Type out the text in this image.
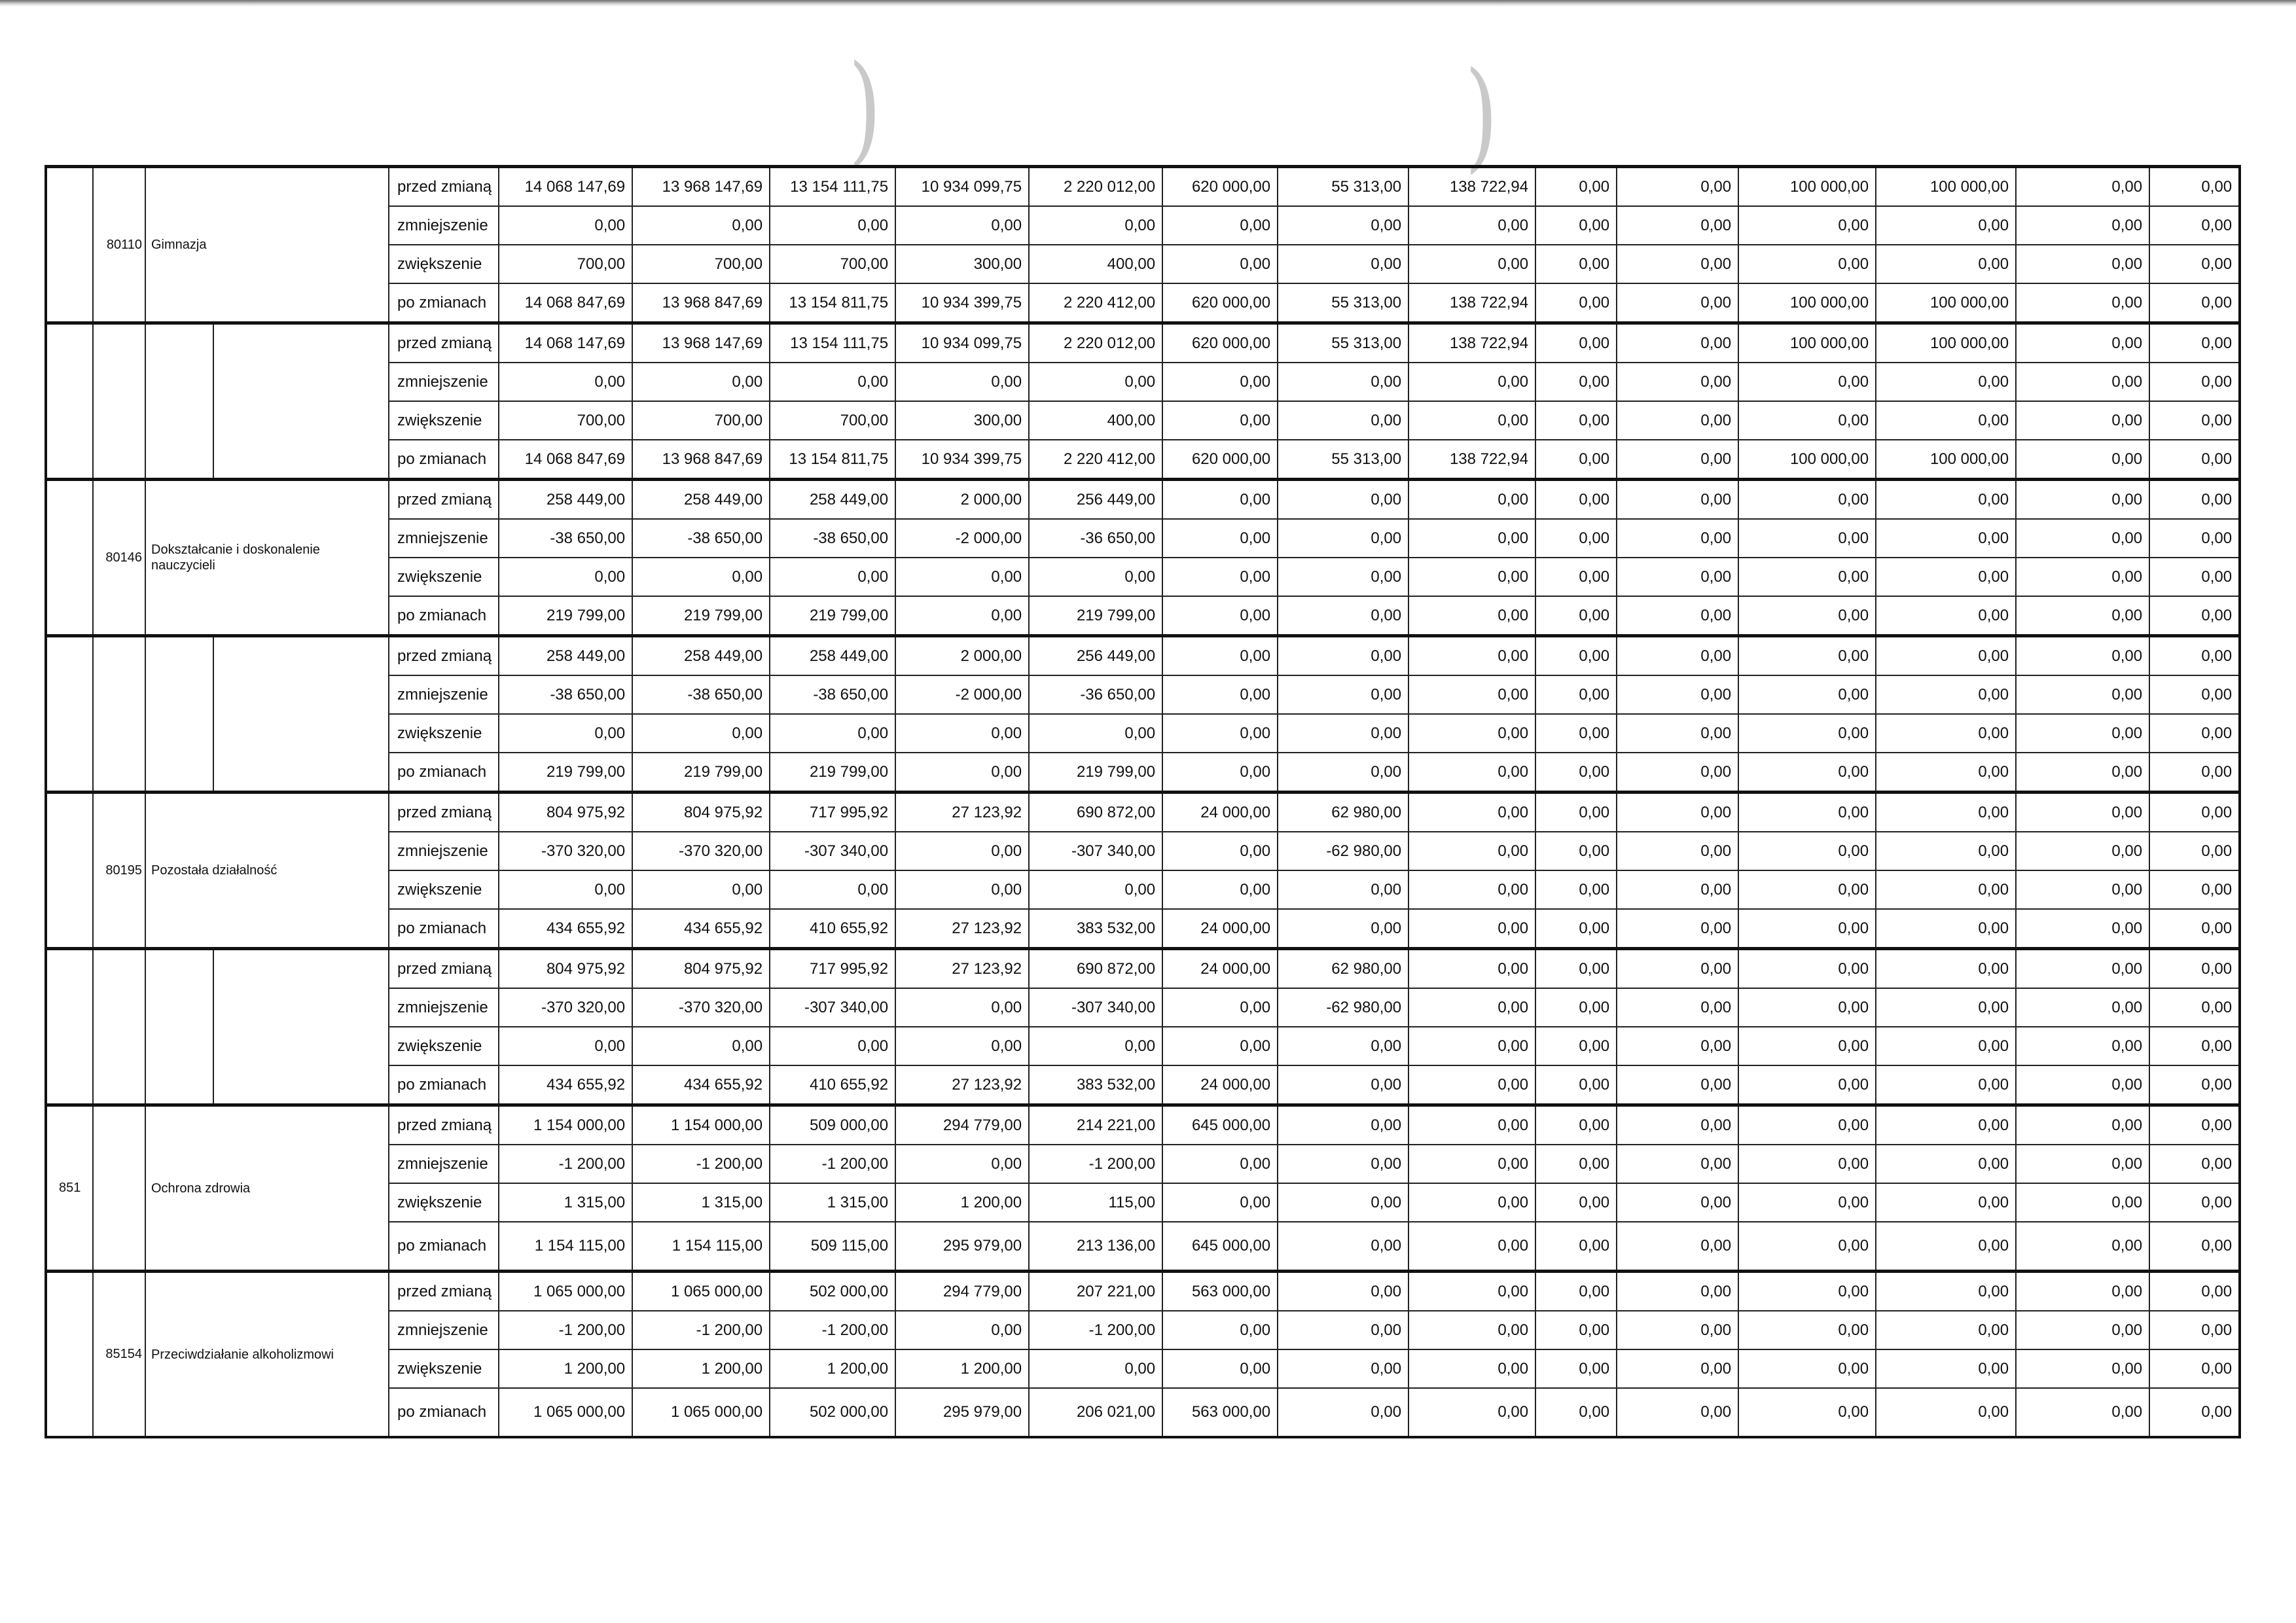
)	)
	80110	Gimnazja		przed zmianą	14 068 147,69	13 968 147,69	13 154 111,75	10 934 099,75	2 220 012,00	620 000,00	55 313,00	138 722,94	0,00	0,00	100 000,00	100 000,00	0,00	0,00
				zmniejszenie	0,00	0,00	0,00	0,00	0,00	0,00	0,00	0,00	0,00	0,00	0,00	0,00	0,00	0,00
				zwiększenie	700,00	700,00	700,00	300,00	400,00	0,00	0,00	0,00	0,00	0,00	0,00	0,00	0,00	0,00
				po zmianach	14 068 847,69	13 968 847,69	13 154 811,75	10 934 399,75	2 220 412,00	620 000,00	55 313,00	138 722,94	0,00	0,00	100 000,00	100 000,00	0,00	0,00
				przed zmianą	14 068 147,69	13 968 147,69	13 154 111,75	10 934 099,75	2 220 012,00	620 000,00	55 313,00	138 722,94	0,00	0,00	100 000,00	100 000,00	0,00	0,00
				zmniejszenie	0,00	0,00	0,00	0,00	0,00	0,00	0,00	0,00	0,00	0,00	0,00	0,00	0,00	0,00
				zwiększenie	700,00	700,00	700,00	300,00	400,00	0,00	0,00	0,00	0,00	0,00	0,00	0,00	0,00	0,00
				po zmianach	14 068 847,69	13 968 847,69	13 154 811,75	10 934 399,75	2 220 412,00	620 000,00	55 313,00	138 722,94	0,00	0,00	100 000,00	100 000,00	0,00	0,00
	80146	Dokształcanie i doskonalenie nauczycieli		przed zmianą	258 449,00	258 449,00	258 449,00	2 000,00	256 449,00	0,00	0,00	0,00	0,00	0,00	0,00	0,00	0,00	0,00
				zmniejszenie	-38 650,00	-38 650,00	-38 650,00	-2 000,00	-36 650,00	0,00	0,00	0,00	0,00	0,00	0,00	0,00	0,00	0,00
				zwiększenie	0,00	0,00	0,00	0,00	0,00	0,00	0,00	0,00	0,00	0,00	0,00	0,00	0,00	0,00
				po zmianach	219 799,00	219 799,00	219 799,00	0,00	219 799,00	0,00	0,00	0,00	0,00	0,00	0,00	0,00	0,00	0,00
				przed zmianą	258 449,00	258 449,00	258 449,00	2 000,00	256 449,00	0,00	0,00	0,00	0,00	0,00	0,00	0,00	0,00	0,00
				zmniejszenie	-38 650,00	-38 650,00	-38 650,00	-2 000,00	-36 650,00	0,00	0,00	0,00	0,00	0,00	0,00	0,00	0,00	0,00
				zwiększenie	0,00	0,00	0,00	0,00	0,00	0,00	0,00	0,00	0,00	0,00	0,00	0,00	0,00	0,00
				po zmianach	219 799,00	219 799,00	219 799,00	0,00	219 799,00	0,00	0,00	0,00	0,00	0,00	0,00	0,00	0,00	0,00
	80195	Pozostała działalność		przed zmianą	804 975,92	804 975,92	717 995,92	27 123,92	690 872,00	24 000,00	62 980,00	0,00	0,00	0,00	0,00	0,00	0,00	0,00
				zmniejszenie	-370 320,00	-370 320,00	-307 340,00	0,00	-307 340,00	0,00	-62 980,00	0,00	0,00	0,00	0,00	0,00	0,00	0,00
				zwiększenie	0,00	0,00	0,00	0,00	0,00	0,00	0,00	0,00	0,00	0,00	0,00	0,00	0,00	0,00
				po zmianach	434 655,92	434 655,92	410 655,92	27 123,92	383 532,00	24 000,00	0,00	0,00	0,00	0,00	0,00	0,00	0,00	0,00
				przed zmianą	804 975,92	804 975,92	717 995,92	27 123,92	690 872,00	24 000,00	62 980,00	0,00	0,00	0,00	0,00	0,00	0,00	0,00
				zmniejszenie	-370 320,00	-370 320,00	-307 340,00	0,00	-307 340,00	0,00	-62 980,00	0,00	0,00	0,00	0,00	0,00	0,00	0,00
				zwiększenie	0,00	0,00	0,00	0,00	0,00	0,00	0,00	0,00	0,00	0,00	0,00	0,00	0,00	0,00
				po zmianach	434 655,92	434 655,92	410 655,92	27 123,92	383 532,00	24 000,00	0,00	0,00	0,00	0,00	0,00	0,00	0,00	0,00
851		Ochrona zdrowia		przed zmianą	1 154 000,00	1 154 000,00	509 000,00	294 779,00	214 221,00	645 000,00	0,00	0,00	0,00	0,00	0,00	0,00	0,00	0,00
				zmniejszenie	-1 200,00	-1 200,00	-1 200,00	0,00	-1 200,00	0,00	0,00	0,00	0,00	0,00	0,00	0,00	0,00	0,00
				zwiększenie	1 315,00	1 315,00	1 315,00	1 200,00	115,00	0,00	0,00	0,00	0,00	0,00	0,00	0,00	0,00	0,00
				po zmianach	1 154 115,00	1 154 115,00	509 115,00	295 979,00	213 136,00	645 000,00	0,00	0,00	0,00	0,00	0,00	0,00	0,00	0,00
	85154	Przeciwdziałanie alkoholizmowi		przed zmianą	1 065 000,00	1 065 000,00	502 000,00	294 779,00	207 221,00	563 000,00	0,00	0,00	0,00	0,00	0,00	0,00	0,00	0,00
				zmniejszenie	-1 200,00	-1 200,00	-1 200,00	0,00	-1 200,00	0,00	0,00	0,00	0,00	0,00	0,00	0,00	0,00	0,00
				zwiększenie	1 200,00	1 200,00	1 200,00	1 200,00	0,00	0,00	0,00	0,00	0,00	0,00	0,00	0,00	0,00	0,00
				po zmianach	1 065 000,00	1 065 000,00	502 000,00	295 979,00	206 021,00	563 000,00	0,00	0,00	0,00	0,00	0,00	0,00	0,00	0,00
